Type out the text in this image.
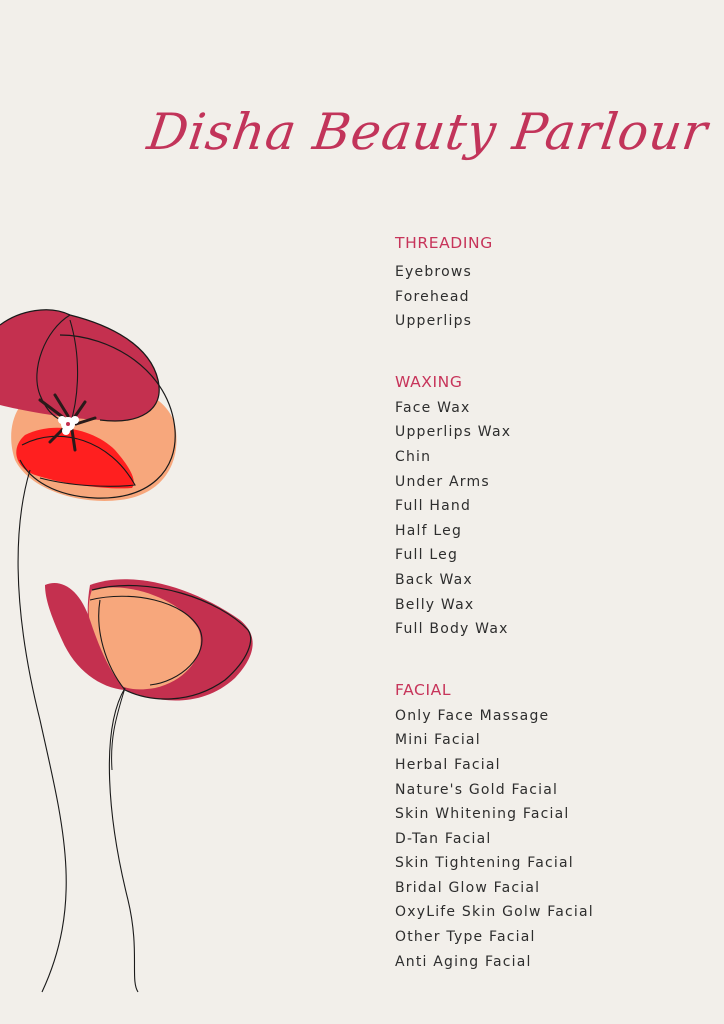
Disha Beauty Parlour
THREADING
Eyebrows
Forehead
Upperlips
WAXING
Face Wax
Upperlips Wax
Chin
Under Arms
Full Hand
Half Leg
Full Leg
Back Wax
Belly Wax
Full Body Wax
FACIAL
Only Face Massage
Mini Facial
Herbal Facial
Nature's Gold Facial
Skin Whitening Facial
D-Tan Facial
Skin Tightening Facial
Bridal Glow Facial
OxyLife Skin Golw Facial
Other Type Facial
Anti Aging Facial
